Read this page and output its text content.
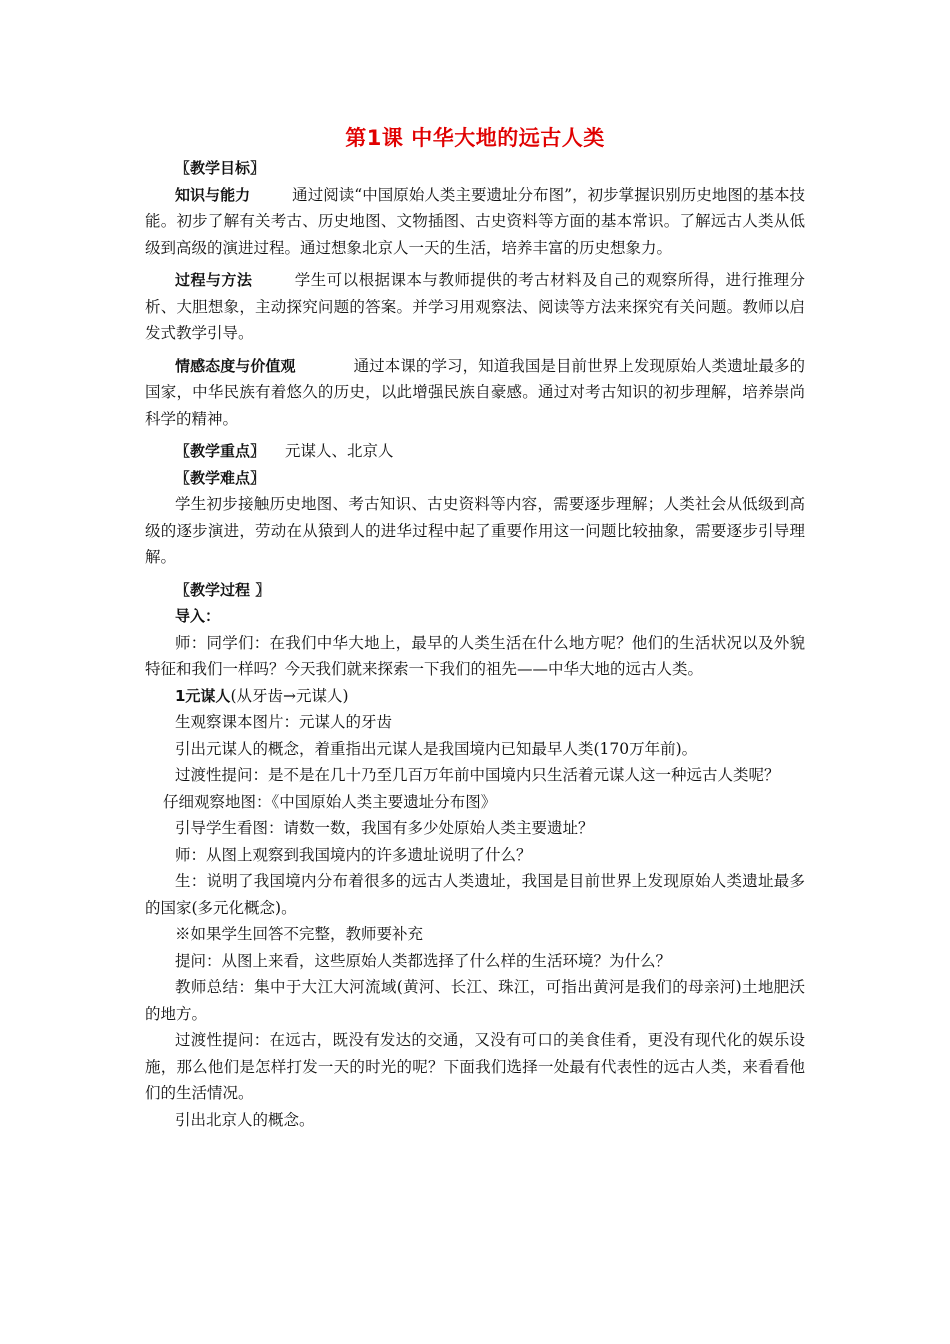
第1课 中华大地的远古人类

〖教学目标〗

知识与能力	通过阅读“中国原始人类主要遗址分布图”，初步掌握识别历史地图的基本技能。初步了解有关考古、历史地图、文物插图、古史资料等方面的基本常识。了解远古人类从低级到高级的演进过程。通过想象北京人一天的生活，培养丰富的历史想象力。

过程与方法	学生可以根据课本与教师提供的考古材料及自己的观察所得，进行推理分析、大胆想象，主动探究问题的答案。并学习用观察法、阅读等方法来探究有关问题。教师以启发式教学引导。

情感态度与价值观	通过本课的学习，知道我国是目前世界上发现原始人类遗址最多的国家，中华民族有着悠久的历史，以此增强民族自豪感。通过对考古知识的初步理解，培养崇尚科学的精神。

〖教学重点〗 元谋人、北京人

〖教学难点〗

学生初步接触历史地图、考古知识、古史资料等内容，需要逐步理解；人类社会从低级到高级的逐步演进，劳动在从猿到人的进华过程中起了重要作用这一问题比较抽象，需要逐步引导理解。

〖教学过程 〗

导入：

师：同学们：在我们中华大地上，最早的人类生活在什么地方呢？他们的生活状况以及外貌特征和我们一样吗？今天我们就来探索一下我们的祖先——中华大地的远古人类。

1元谋人(从牙齿→元谋人)

生观察课本图片：元谋人的牙齿

引出元谋人的概念，着重指出元谋人是我国境内已知最早人类(170万年前)。

过渡性提问：是不是在几十乃至几百万年前中国境内只生活着元谋人这一种远古人类呢？

仔细观察地图：《中国原始人类主要遗址分布图》

引导学生看图：请数一数，我国有多少处原始人类主要遗址？

师：从图上观察到我国境内的许多遗址说明了什么？

生：说明了我国境内分布着很多的远古人类遗址，我国是目前世界上发现原始人类遗址最多的国家(多元化概念)。

※如果学生回答不完整，教师要补充

提问：从图上来看，这些原始人类都选择了什么样的生活环境？为什么？

教师总结：集中于大江大河流域(黄河、长江、珠江，可指出黄河是我们的母亲河)土地肥沃的地方。

过渡性提问：在远古，既没有发达的交通，又没有可口的美食佳肴，更没有现代化的娱乐设施，那么他们是怎样打发一天的时光的呢？下面我们选择一处最有代表性的远古人类，来看看他们的生活情况。

引出北京人的概念。
